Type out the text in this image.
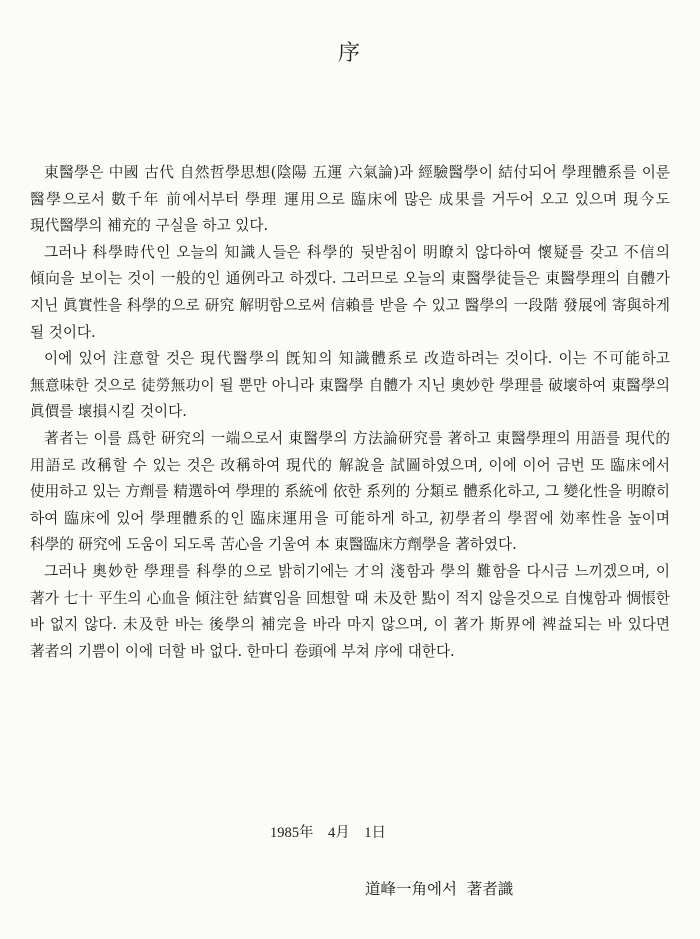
序

東醫學은 中國 古代 自然哲學思想(陰陽 五運 六氣論)과 經驗醫學이 結付되어 學理體系를 이룬 醫學으로서 數千年 前에서부터 學理 運用으로 臨床에 많은 成果를 거두어 오고 있으며 現今도 現代醫學의 補充的 구실을 하고 있다.

그러나 科學時代인 오늘의 知識人들은 科學的 뒷받침이 明瞭치 않다하여 懷疑를 갖고 不信의 傾向을 보이는 것이 一般的인 通例라고 하겠다. 그러므로 오늘의 東醫學徒들은 東醫學理의 自體가 지닌 眞實性을 科學的으로 研究 解明함으로써 信賴를 받을 수 있고 醫學의 一段階 發展에 寄與하게 될 것이다.

이에 있어 注意할 것은 現代醫學의 旣知의 知識體系로 改造하려는 것이다. 이는 不可能하고 無意味한 것으로 徒勞無功이 될 뿐만 아니라 東醫學 自體가 지닌 奧妙한 學理를 破壞하여 東醫學의 眞價를 壞損시킬 것이다.

著者는 이를 爲한 研究의 一端으로서 東醫學의 方法論研究를 著하고 東醫學理의 用語를 現代的 用語로 改稱할 수 있는 것은 改稱하여 現代的 解說을 試圖하였으며, 이에 이어 금번 또 臨床에서 使用하고 있는 方劑를 精選하여 學理的 系統에 依한 系列的 分類로 體系化하고, 그 變化性을 明瞭히 하여 臨床에 있어 學理體系的인 臨床運用을 可能하게 하고, 初學者의 學習에 効率性을 높이며 科學的 研究에 도움이 되도록 苦心을 기울여 本 東醫臨床方劑學을 著하였다.

그러나 奧妙한 學理를 科學的으로 밝히기에는 才의 淺함과 學의 難함을 다시금 느끼겠으며, 이 著가 七十 平生의 心血을 傾注한 結實임을 回想할 때 未及한 點이 적지 않을것으로 自愧함과 惆悵한 바 없지 않다. 未及한 바는 後學의 補完을 바라 마지 않으며, 이 著가 斯界에 裨益되는 바 있다면 著者의 기쁨이 이에 더할 바 없다. 한마디 卷頭에 부쳐 序에 대한다.

1985年    4月    1日
道峰一角에서  著者識
